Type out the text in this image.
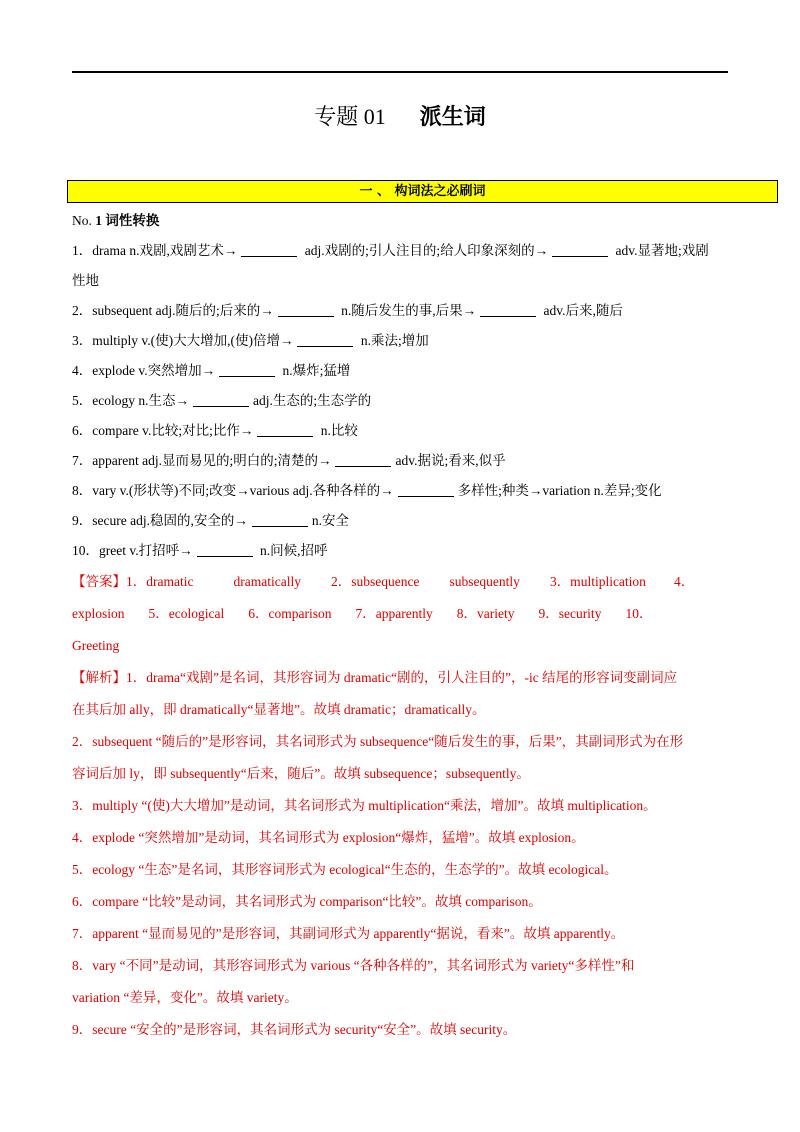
专题 01 派生词
一 、 构词法之必刷词
No. 1 词性转换
1．drama n.戏剧,戏剧艺术→	adj.戏剧的;引人注目的;给人印象深刻的→	adv.显著地;戏剧
性地
2．subsequent adj.随后的;后来的→	n.随后发生的事,后果→	adv.后来,随后
3．multiply v.(使)大大增加,(使)倍增→	n.乘法;增加
4．explode v.突然增加→	n.爆炸;猛增
5．ecology n.生态→	adj.生态的;生态学的
6．compare v.比较;对比;比作→	n.比较
7．apparent adj.显而易见的;明白的;清楚的→	adv.据说;看来,似乎
8．vary v.(形状等)不同;改变→various adj.各种各样的→	多样性;种类→variation n.差异;变化
9．secure adj.稳固的,安全的→	n.安全
10．greet v.打招呼→	n.问候,招呼
【答案】1．dramatic	dramatically 2．subsequence subsequently 3．multiplication 4．
explosion 5．ecological 6．comparison 7．apparently 8．variety 9．security 10．
Greeting
【解析】1．drama“戏剧”是名词，其形容词为 dramatic“剧的，引人注目的”，-ic 结尾的形容词变副词应
在其后加 ally，即 dramatically“显著地”。故填 dramatic；dramatically。
2．subsequent “随后的”是形容词，其名词形式为 subsequence“随后发生的事，后果”，其副词形式为在形
容词后加 ly，即 subsequently“后来，随后”。故填 subsequence；subsequently。
3．multiply “(使)大大增加”是动词，其名词形式为 multiplication“乘法，增加”。故填 multiplication。
4．explode “突然增加”是动词，其名词形式为 explosion“爆炸，猛增”。故填 explosion。
5．ecology “生态”是名词，其形容词形式为 ecological“生态的，生态学的”。故填 ecological。
6．compare “比较”是动词，其名词形式为 comparison“比较”。故填 comparison。
7．apparent “显而易见的”是形容词，其副词形式为 apparently“据说，看来”。故填 apparently。
8．vary “不同”是动词，其形容词形式为 various “各种各样的”，其名词形式为 variety“多样性”和
variation “差异，变化”。故填 variety。
9．secure “安全的”是形容词，其名词形式为 security“安全”。故填 security。
